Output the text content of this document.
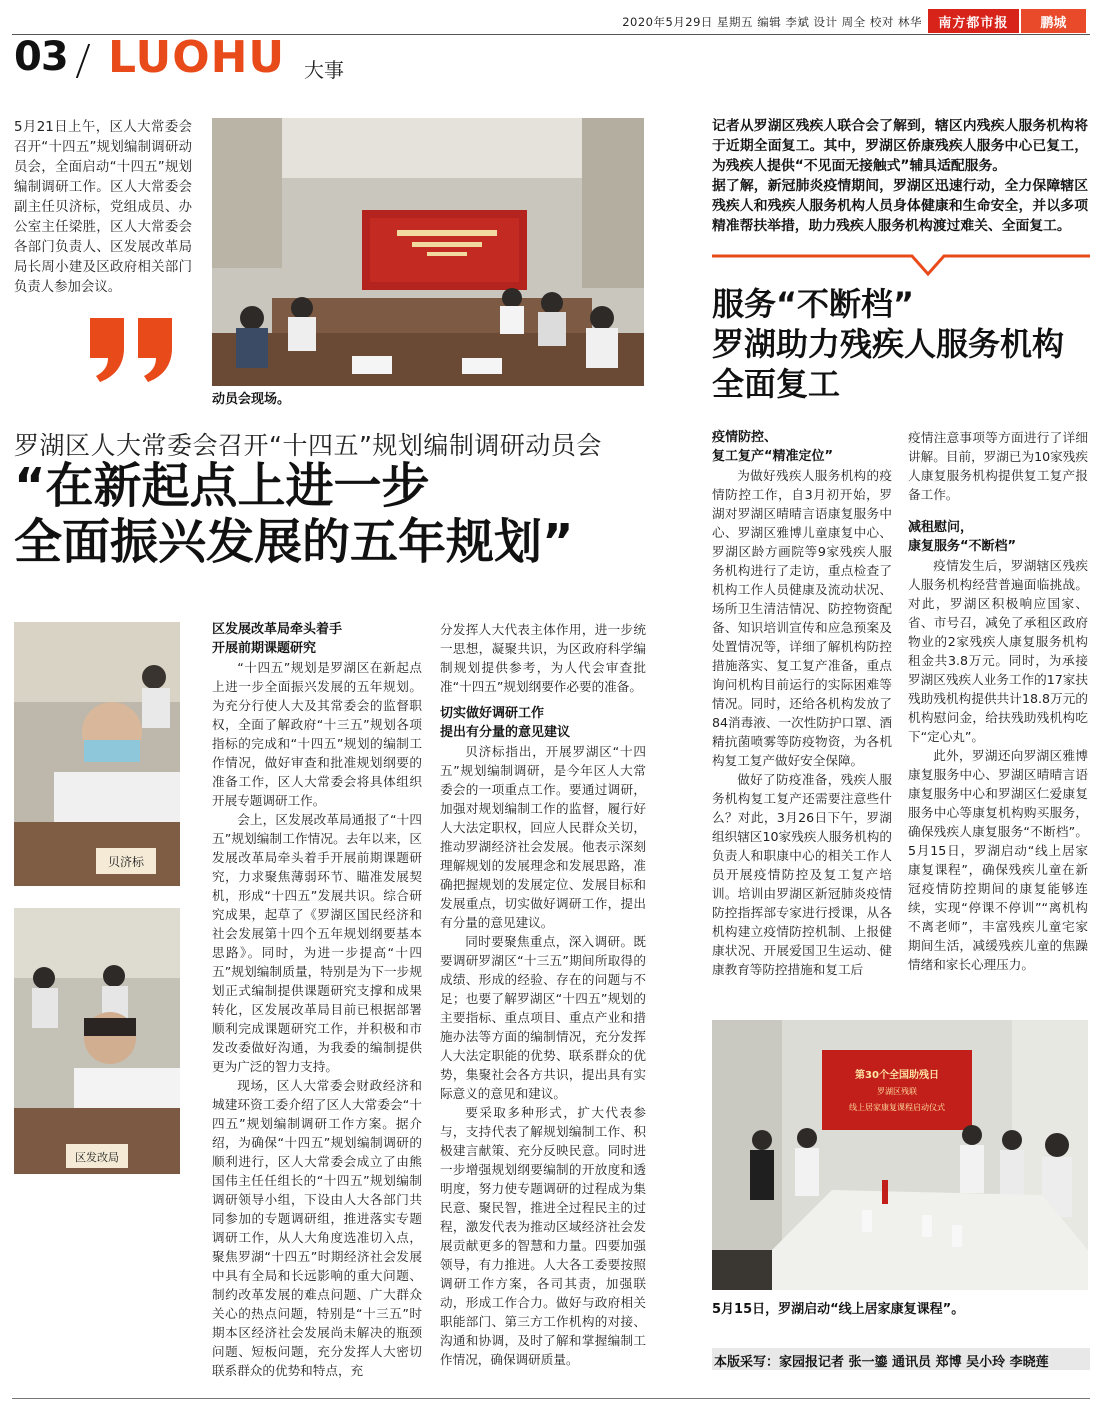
2020年5月29日 星期五 编辑 李斌 设计 周全 校对 林华	南方都市报	鹏城
03 LUOHU 大事
5月21日上午，区人大常委会召开“十四五”规划编制调研动员会，全面启动“十四五”规划编制调研工作。区人大常委会副主任贝济标，党组成员、办公室主任梁胜，区人大常委会各部门负责人、区发展改革局局长周小建及区政府相关部门负责人参加会议。
动员会现场。
罗湖区人大常委会召开“十四五”规划编制调研动员会
“在新起点上进一步
全面振兴发展的五年规划”
贝济标
区发改局
区发展改革局牵头着手
开展前期课题研究

“十四五”规划是罗湖区在新起点上进一步全面振兴发展的五年规划。为充分行使人大及其常委会的监督职权，全面了解政府“十三五”规划各项指标的完成和“十四五”规划的编制工作情况，做好审查和批准规划纲要的准备工作，区人大常委会将具体组织开展专题调研工作。

会上，区发展改革局通报了“十四五”规划编制工作情况。去年以来，区发展改革局牵头着手开展前期课题研究，力求聚焦薄弱环节、瞄准发展契机，形成“十四五”发展共识。综合研究成果，起草了《罗湖区国民经济和社会发展第十四个五年规划纲要基本思路》。同时，为进一步提高“十四五”规划编制质量，特别是为下一步规划正式编制提供课题研究支撑和成果转化，区发展改革局目前已根据部署顺利完成课题研究工作，并积极和市发改委做好沟通，为我委的编制提供更为广泛的智力支持。

现场，区人大常委会财政经济和城建环资工委介绍了区人大常委会“十四五”规划编制调研工作方案。据介绍，为确保“十四五”规划编制调研的顺利进行，区人大常委会成立了由熊国伟主任任组长的“十四五”规划编制调研领导小组，下设由人大各部门共同参加的专题调研组，推进落实专题调研工作，从人大角度选准切入点，聚焦罗湖“十四五”时期经济社会发展中具有全局和长远影响的重大问题、制约改革发展的难点问题、广大群众关心的热点问题，特别是“十三五”时期本区经济社会发展尚未解决的瓶颈问题、短板问题，充分发挥人大密切联系群众的优势和特点，充

分发挥人大代表主体作用，进一步统一思想，凝聚共识，为区政府科学编制规划提供参考，为人代会审查批准“十四五”规划纲要作必要的准备。

切实做好调研工作
提出有分量的意见建议

贝济标指出，开展罗湖区“十四五”规划编制调研，是今年区人大常委会的一项重点工作。要通过调研，加强对规划编制工作的监督，履行好人大法定职权，回应人民群众关切，推动罗湖经济社会发展。他表示深刻理解规划的发展理念和发展思路，准确把握规划的发展定位、发展目标和发展重点，切实做好调研工作，提出有分量的意见建议。

同时要聚焦重点，深入调研。既要调研罗湖区“十三五”期间所取得的成绩、形成的经验、存在的问题与不足；也要了解罗湖区“十四五”规划的主要指标、重点项目、重点产业和措施办法等方面的编制情况，充分发挥人大法定职能的优势、联系群众的优势，集聚社会各方共识，提出具有实际意义的意见和建议。

要采取多种形式，扩大代表参与，支持代表了解规划编制工作、积极建言献策、充分反映民意。同时进一步增强规划纲要编制的开放度和透明度，努力使专题调研的过程成为集民意、聚民智，推进全过程民主的过程，激发代表为推动区域经济社会发展贡献更多的智慧和力量。四要加强领导，有力推进。人大各工委要按照调研工作方案，各司其责，加强联动，形成工作合力。做好与政府相关职能部门、第三方工作机构的对接、沟通和协调，及时了解和掌握编制工作情况，确保调研质量。

记者从罗湖区残疾人联合会了解到，辖区内残疾人服务机构将于近期全面复工。其中，罗湖区侨康残疾人服务中心已复工，为残疾人提供“不见面无接触式”辅具适配服务。
据了解，新冠肺炎疫情期间，罗湖区迅速行动，全力保障辖区残疾人和残疾人服务机构人员身体健康和生命安全，并以多项精准帮扶举措，助力残疾人服务机构渡过难关、全面复工。
服务“不断档”
罗湖助力残疾人服务机构
全面复工
疫情防控、
复工复产“精准定位”

为做好残疾人服务机构的疫情防控工作，自3月初开始，罗湖对罗湖区晴晴言语康复服务中心、罗湖区雅博儿童康复中心、罗湖区龄方画院等9家残疾人服务机构进行了走访，重点检查了机构工作人员健康及流动状况、场所卫生清洁情况、防控物资配备、知识培训宣传和应急预案及处置情况等，详细了解机构防控措施落实、复工复产准备，重点询问机构目前运行的实际困难等情况。同时，还给各机构发放了84消毒液、一次性防护口罩、酒精抗菌喷雾等防疫物资，为各机构复工复产做好安全保障。

做好了防疫准备，残疾人服务机构复工复产还需要注意些什么？对此，3月26日下午，罗湖组织辖区10家残疾人服务机构的负责人和职康中心的相关工作人员开展疫情防控及复工复产培训。培训由罗湖区新冠肺炎疫情防控指挥部专家进行授课，从各机构建立疫情防控机制、上报健康状况、开展爱国卫生运动、健康教育等防控措施和复工后

疫情注意事项等方面进行了详细讲解。目前，罗湖已为10家残疾人康复服务机构提供复工复产报备工作。

减租慰问，
康复服务“不断档”

疫情发生后，罗湖辖区残疾人服务机构经营普遍面临挑战。对此，罗湖区积极响应国家、省、市号召，减免了承租区政府物业的2家残疾人康复服务机构租金共3.8万元。同时，为承接罗湖区残疾人业务工作的17家扶残助残机构提供共计18.8万元的机构慰问金，给扶残助残机构吃下“定心丸”。

此外，罗湖还向罗湖区雅博康复服务中心、罗湖区晴晴言语康复服务中心和罗湖区仁爱康复服务中心等康复机构购买服务，确保残疾人康复服务“不断档”。5月15日，罗湖启动“线上居家康复课程”，确保残疾儿童在新冠疫情防控期间的康复能够连续，实现“停课不停训”“离机构不离老师”，丰富残疾儿童宅家期间生活，减缓残疾儿童的焦躁情绪和家长心理压力。

第30个全国助残日
罗湖区残联
线上居家康复课程启动仪式
5月15日，罗湖启动“线上居家康复课程”。
本版采写：家园报记者 张一鎏 通讯员 郑博 吴小玲 李晓莲
